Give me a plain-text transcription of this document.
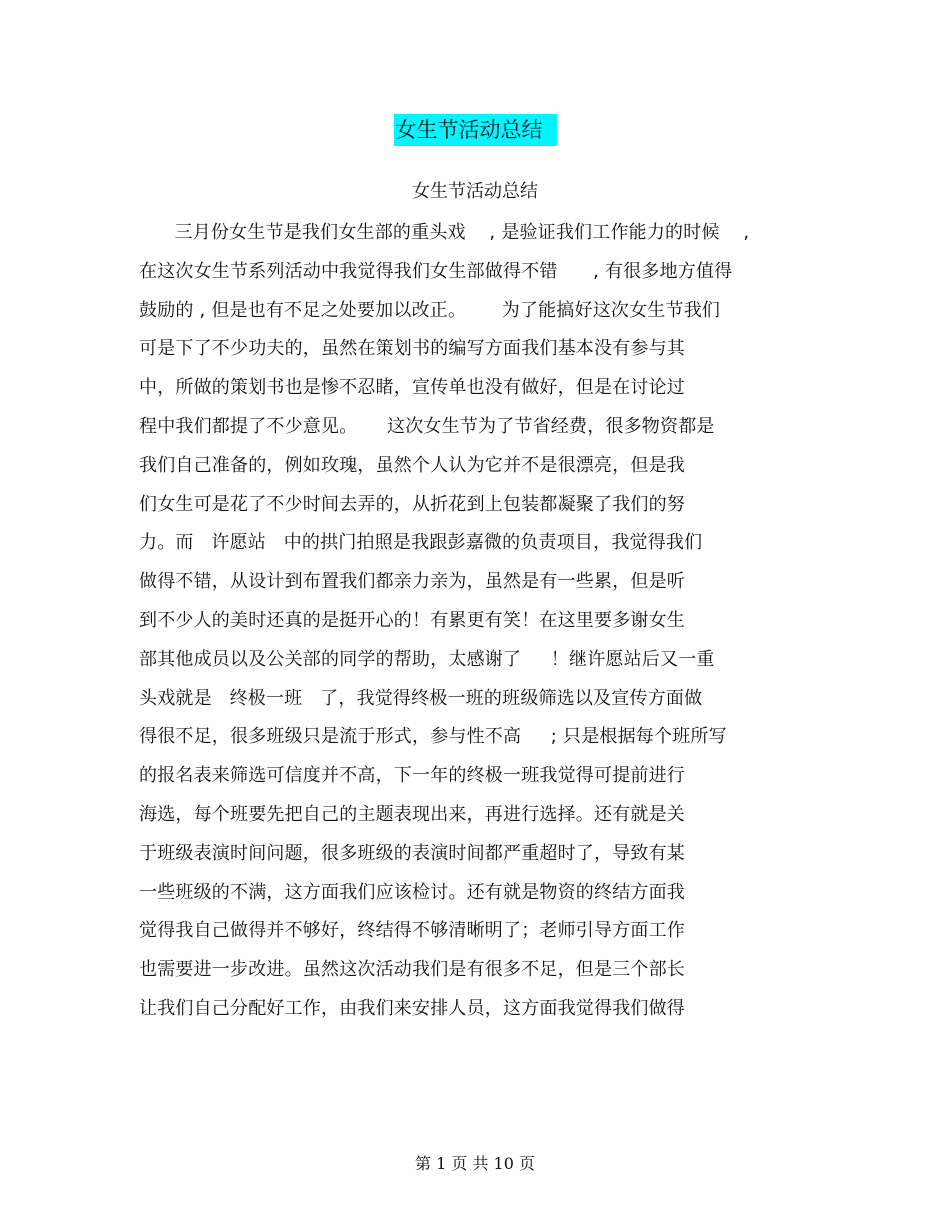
女生节活动总结
女生节活动总结
三月份女生节是我们女生部的重头戏    , 是验证我们工作能力的时候    ,
在这次女生节系列活动中我觉得我们女生部做得不错      , 有很多地方值得
鼓励的 , 但是也有不足之处要加以改正。      为了能搞好这次女生节我们
可是下了不少功夫的，虽然在策划书的编写方面我们基本没有参与其
中，所做的策划书也是惨不忍睹，宣传单也没有做好，但是在讨论过
程中我们都提了不少意见。     这次女生节为了节省经费，很多物资都是
我们自己准备的，例如玫瑰，虽然个人认为它并不是很漂亮，但是我
们女生可是花了不少时间去弄的，从折花到上包装都凝聚了我们的努
力。而   许愿站   中的拱门拍照是我跟彭嘉微的负责项目，我觉得我们
做得不错，从设计到布置我们都亲力亲为，虽然是有一些累，但是听
到不少人的美时还真的是挺开心的！有累更有笑！在这里要多谢女生
部其他成员以及公关部的同学的帮助，太感谢了     ！继许愿站后又一重
头戏就是   终极一班   了，我觉得终极一班的班级筛选以及宣传方面做
得很不足，很多班级只是流于形式，参与性不高     ; 只是根据每个班所写
的报名表来筛选可信度并不高，下一年的终极一班我觉得可提前进行
海选，每个班要先把自己的主题表现出来，再进行选择。还有就是关
于班级表演时间问题，很多班级的表演时间都严重超时了，导致有某
一些班级的不满，这方面我们应该检讨。还有就是物资的终结方面我
觉得我自己做得并不够好，终结得不够清晰明了；老师引导方面工作
也需要进一步改进。虽然这次活动我们是有很多不足，但是三个部长
让我们自己分配好工作，由我们来安排人员，这方面我觉得我们做得
第 1 页 共 10 页
